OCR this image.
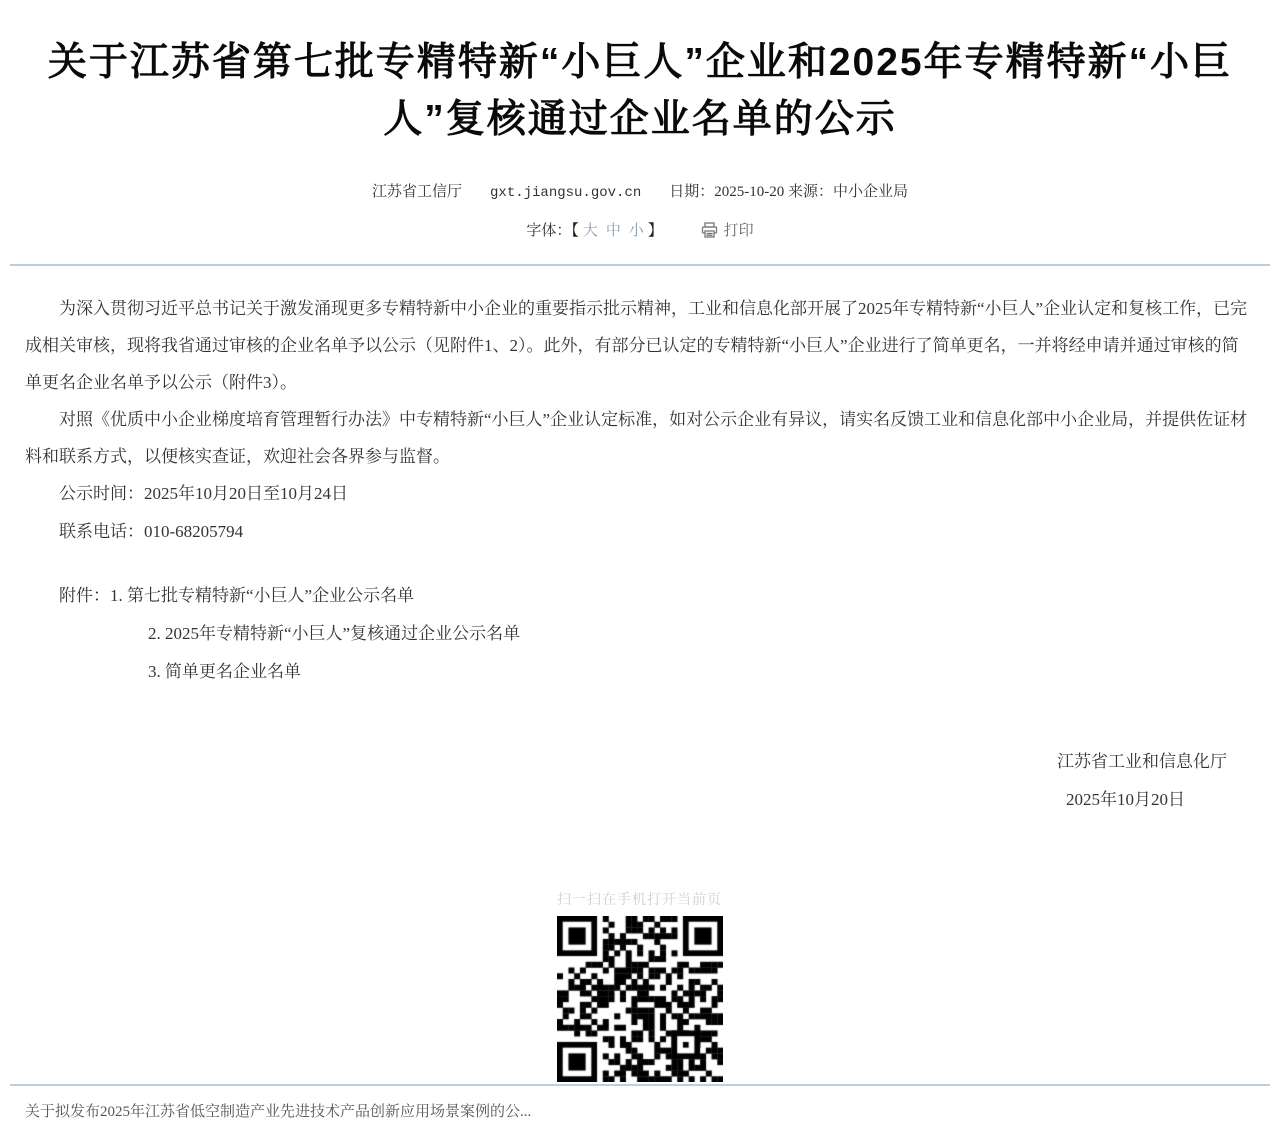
关于江苏省第七批专精特新“小巨人”企业和2025年专精特新“小巨人”复核通过企业名单的公示
江苏省工信厅 gxt.jiangsu.gov.cn 日期：2025-10-20 来源：中小企业局
字体：【 大 中 小 】	打印

为深入贯彻习近平总书记关于激发涌现更多专精特新中小企业的重要指示批示精神，工业和信息化部开展了2025年专精特新“小巨人”企业认定和复核工作，已完成相关审核，现将我省通过审核的企业名单予以公示（见附件1、2）。此外，有部分已认定的专精特新“小巨人”企业进行了简单更名，一并将经申请并通过审核的简单更名企业名单予以公示（附件3）。

对照《优质中小企业梯度培育管理暂行办法》中专精特新“小巨人”企业认定标准，如对公示企业有异议，请实名反馈工业和信息化部中小企业局，并提供佐证材料和联系方式，以便核实查证，欢迎社会各界参与监督。

公示时间：2025年10月20日至10月24日
联系电话：010-68205794
附件：1. 第七批专精特新“小巨人”企业公示名单
2. 2025年专精特新“小巨人”复核通过企业公示名单
3. 简单更名企业名单
江苏省工业和信息化厅
2025年10月20日
扫一扫在手机打开当前页
关于拟发布2025年江苏省低空制造产业先进技术产品创新应用场景案例的公...
